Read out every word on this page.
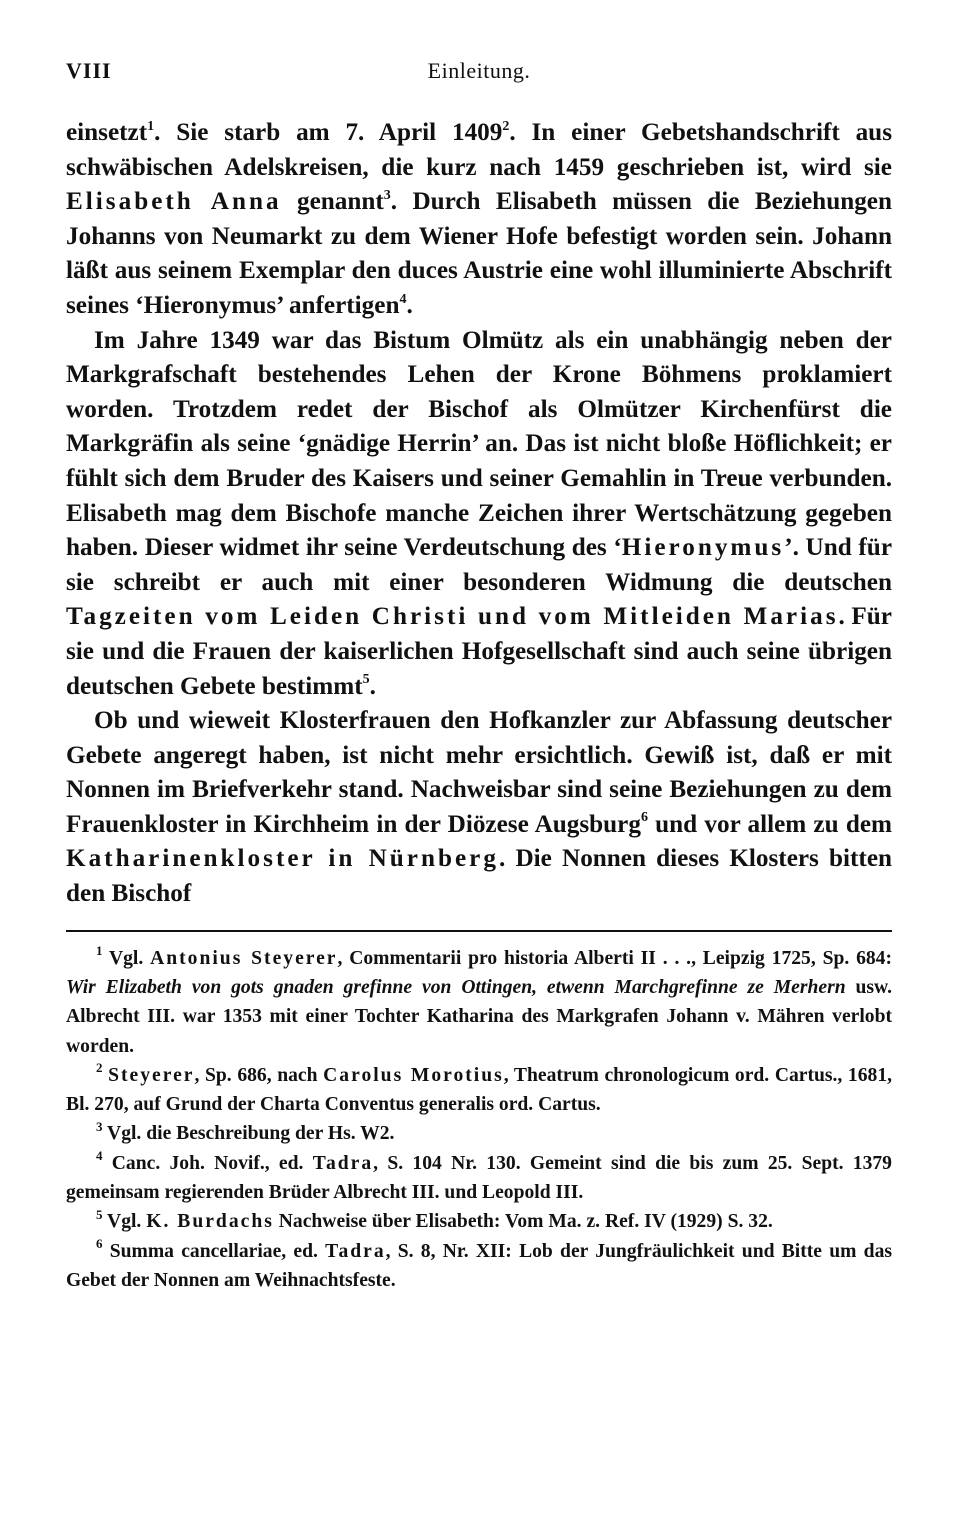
VIII	Einleitung.

einsetzt$^1$. Sie starb am 7. April 1409$^2$. In einer Gebetshandschrift aus schwäbischen Adelskreisen, die kurz nach 1459 geschrieben ist, wird sie Elisabeth Anna genannt$^3$. Durch Elisabeth müssen die Beziehungen Johanns von Neumarkt zu dem Wiener Hofe befestigt worden sein. Johann läßt aus seinem Exemplar den duces Austrie eine wohl illuminierte Abschrift seines ‘Hieronymus’ anfertigen$^4$.

Im Jahre 1349 war das Bistum Olmütz als ein unabhängig neben der Markgrafschaft bestehendes Lehen der Krone Böhmens proklamiert worden. Trotzdem redet der Bischof als Olmützer Kirchenfürst die Markgräfin als seine ‘gnädige Herrin’ an. Das ist nicht bloße Höflichkeit; er fühlt sich dem Bruder des Kaisers und seiner Gemahlin in Treue verbunden. Elisabeth mag dem Bischofe manche Zeichen ihrer Wertschätzung gegeben haben. Dieser widmet ihr seine Verdeutschung des ‘Hieronymus’. Und für sie schreibt er auch mit einer besonderen Widmung die deutschen Tagzeiten vom Leiden Christi und vom Mitleiden Marias. Für sie und die Frauen der kaiserlichen Hofgesellschaft sind auch seine übrigen deutschen Gebete bestimmt$^5$.

Ob und wieweit Klosterfrauen den Hofkanzler zur Abfassung deutscher Gebete angeregt haben, ist nicht mehr ersichtlich. Gewiß ist, daß er mit Nonnen im Briefverkehr stand. Nachweisbar sind seine Beziehungen zu dem Frauenkloster in Kirchheim in der Diözese Augsburg$^6$ und vor allem zu dem Katharinenkloster in Nürnberg. Die Nonnen dieses Klosters bitten den Bischof

$^1$ Vgl. Antonius Steyerer, Commentarii pro historia Alberti II . . ., Leipzig 1725, Sp. 684: Wir Elizabeth von gots gnaden grefinne von Ottingen, etwenn Marchgrefinne ze Merhern usw. Albrecht III. war 1353 mit einer Tochter Katharina des Markgrafen Johann v. Mähren verlobt worden.

$^2$ Steyerer, Sp. 686, nach Carolus Morotius, Theatrum chronologicum ord. Cartus., 1681, Bl. 270, auf Grund der Charta Conventus generalis ord. Cartus.

$^3$ Vgl. die Beschreibung der Hs. W2.

$^4$ Canc. Joh. Novif., ed. Tadra, S. 104 Nr. 130. Gemeint sind die bis zum 25. Sept. 1379 gemeinsam regierenden Brüder Albrecht III. und Leopold III.

$^5$ Vgl. K. Burdachs Nachweise über Elisabeth: Vom Ma. z. Ref. IV (1929) S. 32.

$^6$ Summa cancellariae, ed. Tadra, S. 8, Nr. XII: Lob der Jungfräulichkeit und Bitte um das Gebet der Nonnen am Weihnachtsfeste.
